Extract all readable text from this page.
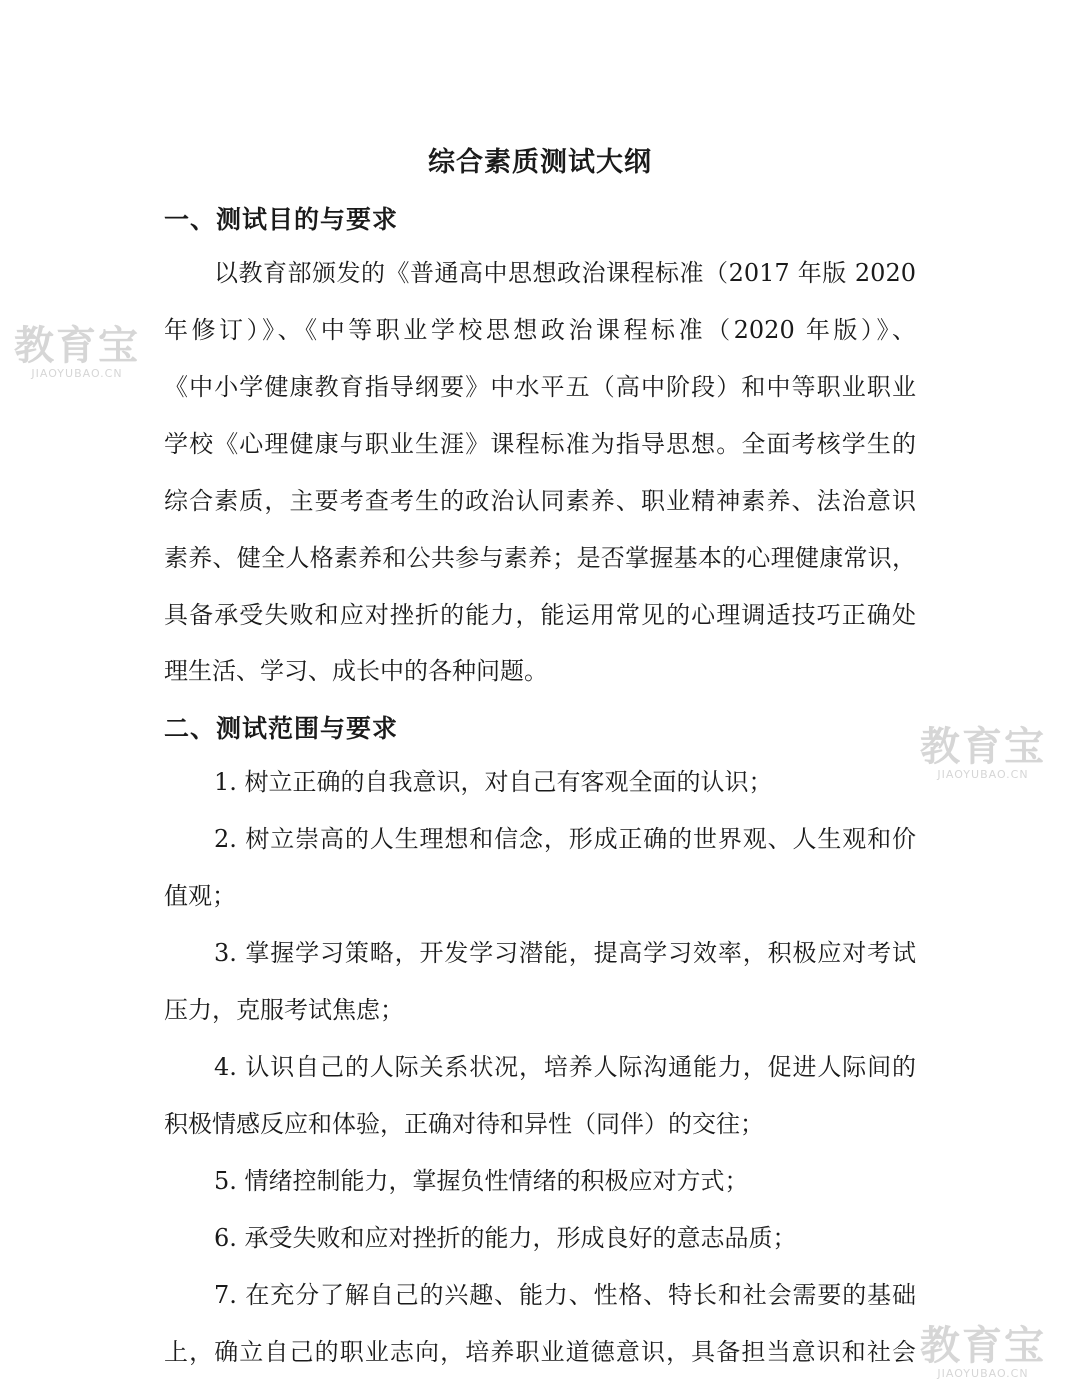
综合素质测试大纲
一、测试目的与要求
以教育部颁发的《普通高中思想政治课程标准（2017 年版 2020
年修订）》、《中等职业学校思想政治课程标准（2020 年版）》、
《中小学健康教育指导纲要》中水平五（高中阶段）和中等职业职业
学校《心理健康与职业生涯》课程标准为指导思想。全面考核学生的
综合素质，主要考查考生的政治认同素养、职业精神素养、法治意识
素养、健全人格素养和公共参与素养；是否掌握基本的心理健康常识，
具备承受失败和应对挫折的能力，能运用常见的心理调适技巧正确处
理生活、学习、成长中的各种问题。
二、测试范围与要求
1. 树立正确的自我意识，对自己有客观全面的认识；
2. 树立崇高的人生理想和信念，形成正确的世界观、人生观和价
值观；
3. 掌握学习策略，开发学习潜能，提高学习效率，积极应对考试
压力，克服考试焦虑；
4. 认识自己的人际关系状况，培养人际沟通能力，促进人际间的
积极情感反应和体验，正确对待和异性（同伴）的交往；
5. 情绪控制能力，掌握负性情绪的积极应对方式；
6. 承受失败和应对挫折的能力，形成良好的意志品质；
7. 在充分了解自己的兴趣、能力、性格、特长和社会需要的基础
上，确立自己的职业志向，培养职业道德意识，具备担当意识和社会
教育宝
JIAOYUBAO.CN
教育宝
JIAOYUBAO.CN
教育宝
JIAOYUBAO.CN
